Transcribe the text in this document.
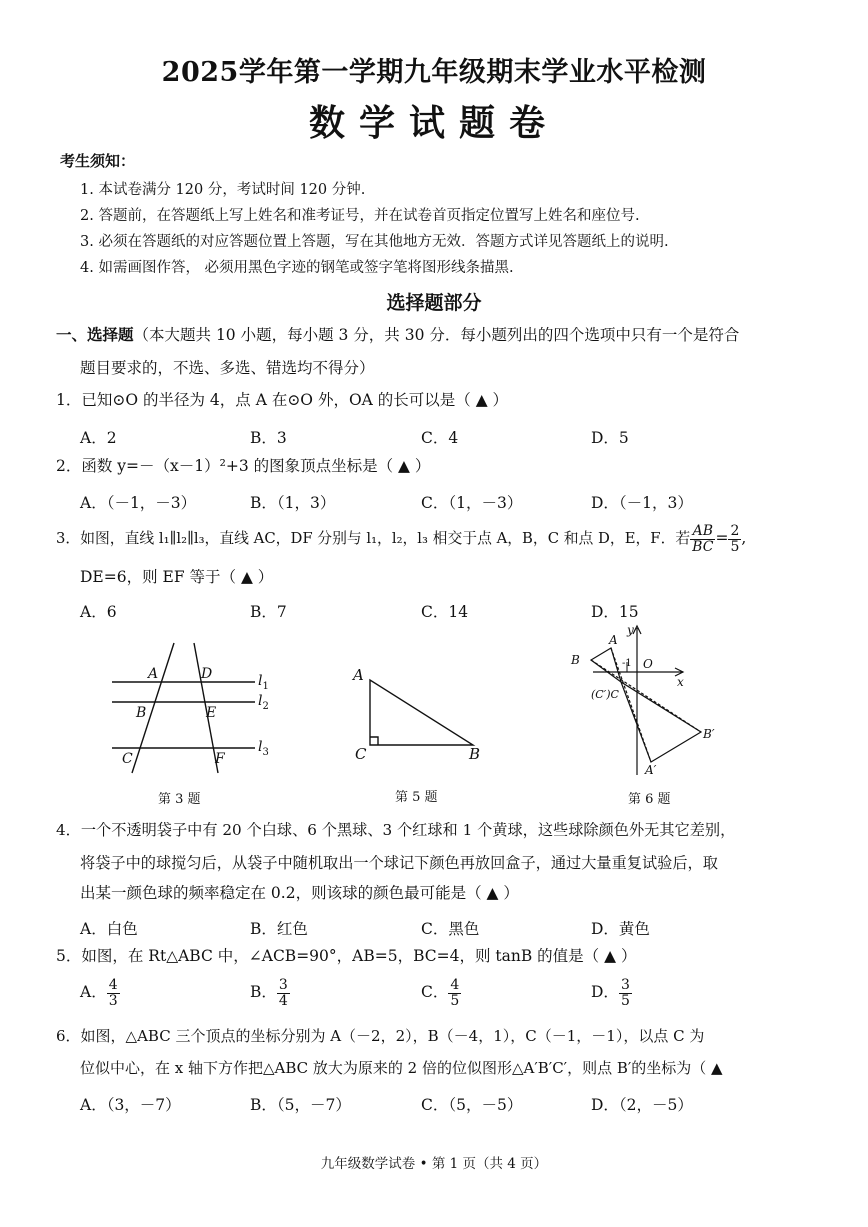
2025学年第一学期九年级期末学业水平检测
数学试题卷
考生须知：
1. 本试卷满分 120 分，考试时间 120 分钟.
2. 答题前，在答题纸上写上姓名和准考证号，并在试卷首页指定位置写上姓名和座位号.
3. 必须在答题纸的对应答题位置上答题，写在其他地方无效．答题方式详见答题纸上的说明.
4. 如需画图作答， 必须用黑色字迹的钢笔或签字笔将图形线条描黑.
选择题部分
一、选择题（本大题共 10 小题，每小题 3 分，共 30 分．每小题列出的四个选项中只有一个是符合
题目要求的，不选、多选、错选均不得分）
1．已知⊙O 的半径为 4，点 A 在⊙O 外，OA 的长可以是（ ▲ ）
A．2	B．3	C．4	D．5
2．函数 y=－（x－1）²+3 的图象顶点坐标是（ ▲ ）
A．（－1，－3）	B．（1，3）	C．（1，－3）	D．（－1，3）
3．如图，直线 l₁∥l₂∥l₃，直线 AC，DF 分别与 l₁，l₂，l₃ 相交于点 A，B，C 和点 D，E，F．若 $\frac{AB}{BC} = \frac{2}{5}$ ,
DE=6，则 EF 等于（ ▲ ）
A．6	B．7	C．14	D．15
A	D
B	E
C	F
$l_1$
$l_2$
$l_3$
第 3 题
A
C	B
第 5 题
A
B
(C′)C
O
x
y
-1
A′
B′
第 6 题
4．一个不透明袋子中有 20 个白球、6 个黑球、3 个红球和 1 个黄球，这些球除颜色外无其它差别，
将袋子中的球搅匀后，从袋子中随机取出一个球记下颜色再放回盒子，通过大量重复试验后，取
出某一颜色球的频率稳定在 0.2，则该球的颜色最可能是（ ▲ ）
A．白色	B．红色	C．黑色	D．黄色
5．如图，在 Rt△ABC 中，∠ACB=90°，AB=5，BC=4，则 tanB 的值是（ ▲ ）
A． $\frac{4}{3}$	B． $\frac{3}{4}$	C． $\frac{4}{5}$	D． $\frac{3}{5}$
6．如图，△ABC 三个顶点的坐标分别为 A（－2，2），B（－4，1），C（－1，－1），以点 C 为
位似中心，在 x 轴下方作把△ABC 放大为原来的 2 倍的位似图形△A′B′C′，则点 B′的坐标为（ ▲
A．（3，－7）	B．（5，－7）	C．（5，－5）	D．（2，－5）
九年级数学试卷 • 第 1 页（共 4 页）
